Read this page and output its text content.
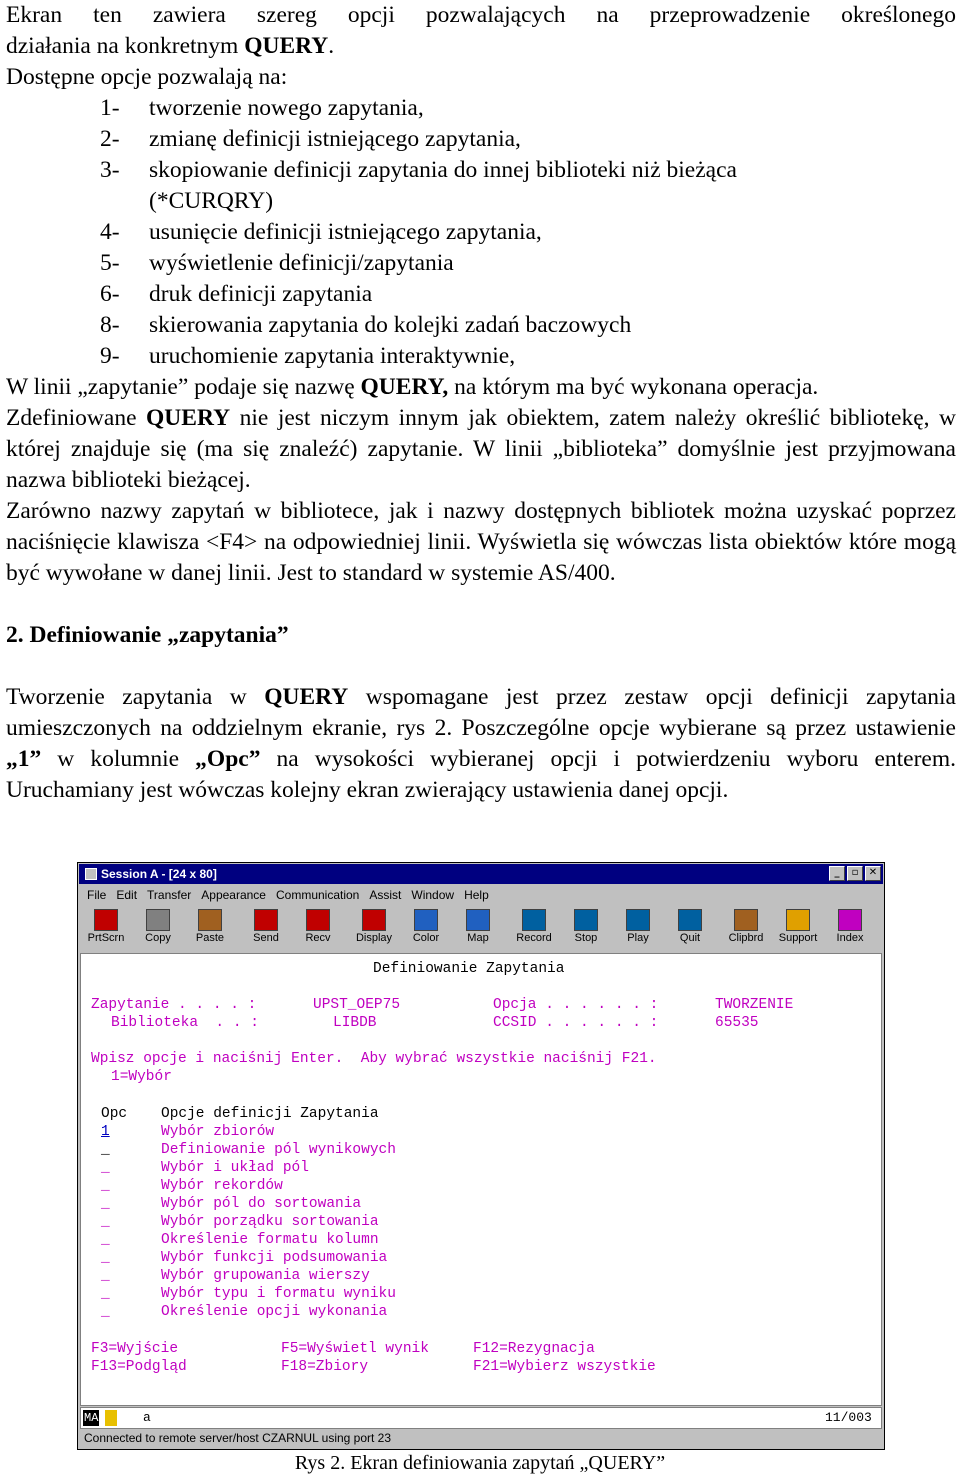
Ekran ten zawiera szereg opcji pozwalających na przeprowadzenie określonego

działania na konkretnym QUERY.

Dostępne opcje pozwalają na:

1-	tworzenie nowego zapytania,
2-	zmianę definicji istniejącego zapytania,
3-	skopiowanie definicji zapytania do innej biblioteki niż bieżąca

(*CURQRY)

4-	usunięcie definicji istniejącego zapytania,
5-	wyświetlenie definicji/zapytania
6-	druk definicji zapytania
8-	skierowania zapytania do kolejki zadań baczowych
9-	uruchomienie zapytania interaktywnie,

W linii „zapytanie” podaje się nazwę QUERY, na którym ma być wykonana operacja.

Zdefiniowane QUERY nie jest niczym innym jak obiektem, zatem należy określić bibliotekę, w której znajduje się (ma się znaleźć) zapytanie. W linii „biblioteka” domyślnie jest przyjmowana nazwa biblioteki bieżącej.

Zarówno nazwy zapytań w bibliotece, jak i nazwy dostępnych bibliotek można uzyskać poprzez naciśnięcie klawisza <F4> na odpowiedniej linii. Wyświetla się wówczas lista obiektów które mogą być wywołane w danej linii. Jest to standard w systemie AS/400.

2. Definiowanie „zapytania”

Tworzenie zapytania w QUERY wspomagane jest przez zestaw opcji definicji zapytania umieszczonych na oddzielnym ekranie, rys 2. Poszczególne opcje wybierane są przez ustawienie „1” w kolumnie „Opc” na wysokości wybieranej opcji i potwierdzeniu wyboru enterem. Uruchamiany jest wówczas kolejny ekran zwierający ustawienia danej opcji.

Session A - [24 x 80]	_	▫	✕
File Edit Transfer Appearance Communication Assist Window Help
PrtScrn	Copy	Paste	Send	Recv	Display	Color	Map	Record	Stop	Play	Quit	Clipbrd	Support	Index
Definiowanie Zapytania
Zapytanie . . . . :	UPST_OEP75	Opcja . . . . . . :	TWORZENIE
Biblioteka  . . :	LIBDB	CCSID . . . . . . :	65535
Wpisz opcje i naciśnij Enter.  Aby wybrać wszystkie naciśnij F21.
1=Wybór
Opc Opcje definicji Zapytania
1	Wybór zbiorów
_	Definiowanie pól wynikowych
_	Wybór i układ pól
_	Wybór rekordów
_	Wybór pól do sortowania
_	Wybór porządku sortowania
_	Określenie formatu kolumn
_	Wybór funkcji podsumowania
_	Wybór grupowania wierszy
_	Wybór typu i formatu wyniku
_	Określenie opcji wykonania
F3=Wyjście	F5=Wyświetl wynik	F12=Rezygnacja
F13=Podgląd	F18=Zbiory	F21=Wybierz wszystkie
MA	a	11/003
Connected to remote server/host CZARNUL using port 23
Rys 2. Ekran definiowania zapytań „QUERY”
